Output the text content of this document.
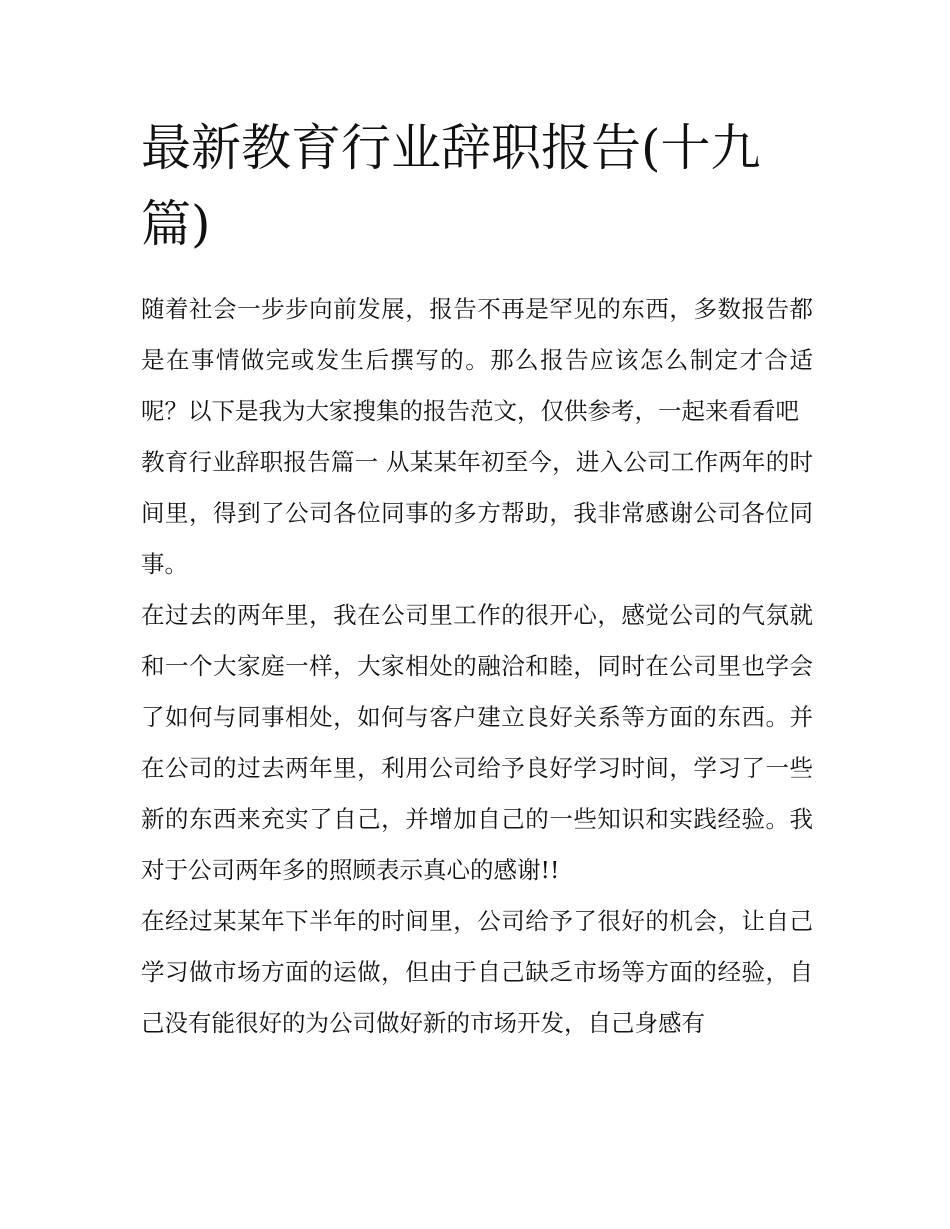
最新教育行业辞职报告(十九篇)

随着社会一步步向前发展，报告不再是罕见的东西，多数报告都是在事情做完或发生后撰写的。那么报告应该怎么制定才合适呢？以下是我为大家搜集的报告范文，仅供参考，一起来看看吧

教育行业辞职报告篇一 从某某年初至今，进入公司工作两年的时间里，得到了公司各位同事的多方帮助，我非常感谢公司各位同事。

在过去的两年里，我在公司里工作的很开心，感觉公司的气氛就和一个大家庭一样，大家相处的融洽和睦，同时在公司里也学会了如何与同事相处，如何与客户建立良好关系等方面的东西。并在公司的过去两年里，利用公司给予良好学习时间，学习了一些新的东西来充实了自己，并增加自己的一些知识和实践经验。我对于公司两年多的照顾表示真心的感谢!!

在经过某某年下半年的时间里，公司给予了很好的机会，让自己学习做市场方面的运做，但由于自己缺乏市场等方面的经验，自己没有能很好的为公司做好新的市场开发，自己身感有
